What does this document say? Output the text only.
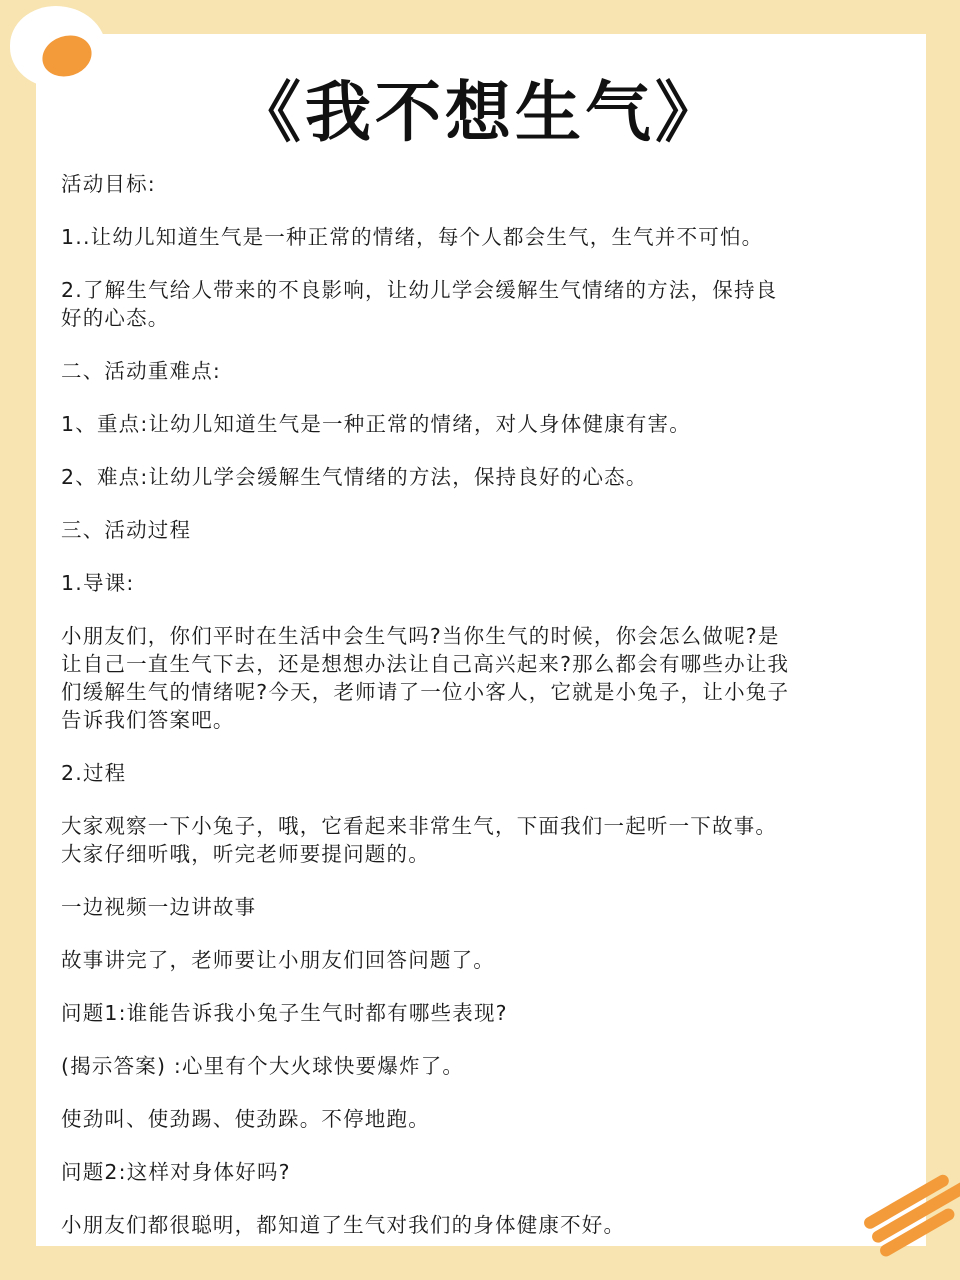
《我不想生气》

活动目标:

1..让幼儿知道生气是一种正常的情绪，每个人都会生气，生气并不可怕。

2.了解生气给人带来的不良影响，让幼儿学会缓解生气情绪的方法，保持良
好的心态。

二、活动重难点:

1、重点:让幼儿知道生气是一种正常的情绪，对人身体健康有害。

2、难点:让幼儿学会缓解生气情绪的方法，保持良好的心态。

三、活动过程

1.导课:

小朋友们，你们平时在生活中会生气吗?当你生气的时候，你会怎么做呢?是
让自己一直生气下去，还是想想办法让自己高兴起来?那么都会有哪些办让我
们缓解生气的情绪呢?今天，老师请了一位小客人，它就是小兔子，让小兔子
告诉我们答案吧。

2.过程

大家观察一下小兔子，哦，它看起来非常生气，下面我们一起听一下故事。
大家仔细听哦，听完老师要提问题的。

一边视频一边讲故事

故事讲完了，老师要让小朋友们回答问题了。

问题1:谁能告诉我小兔子生气时都有哪些表现?

(揭示答案) :心里有个大火球快要爆炸了。

使劲叫、使劲踢、使劲跺。不停地跑。

问题2:这样对身体好吗?

小朋友们都很聪明，都知道了生气对我们的身体健康不好。
